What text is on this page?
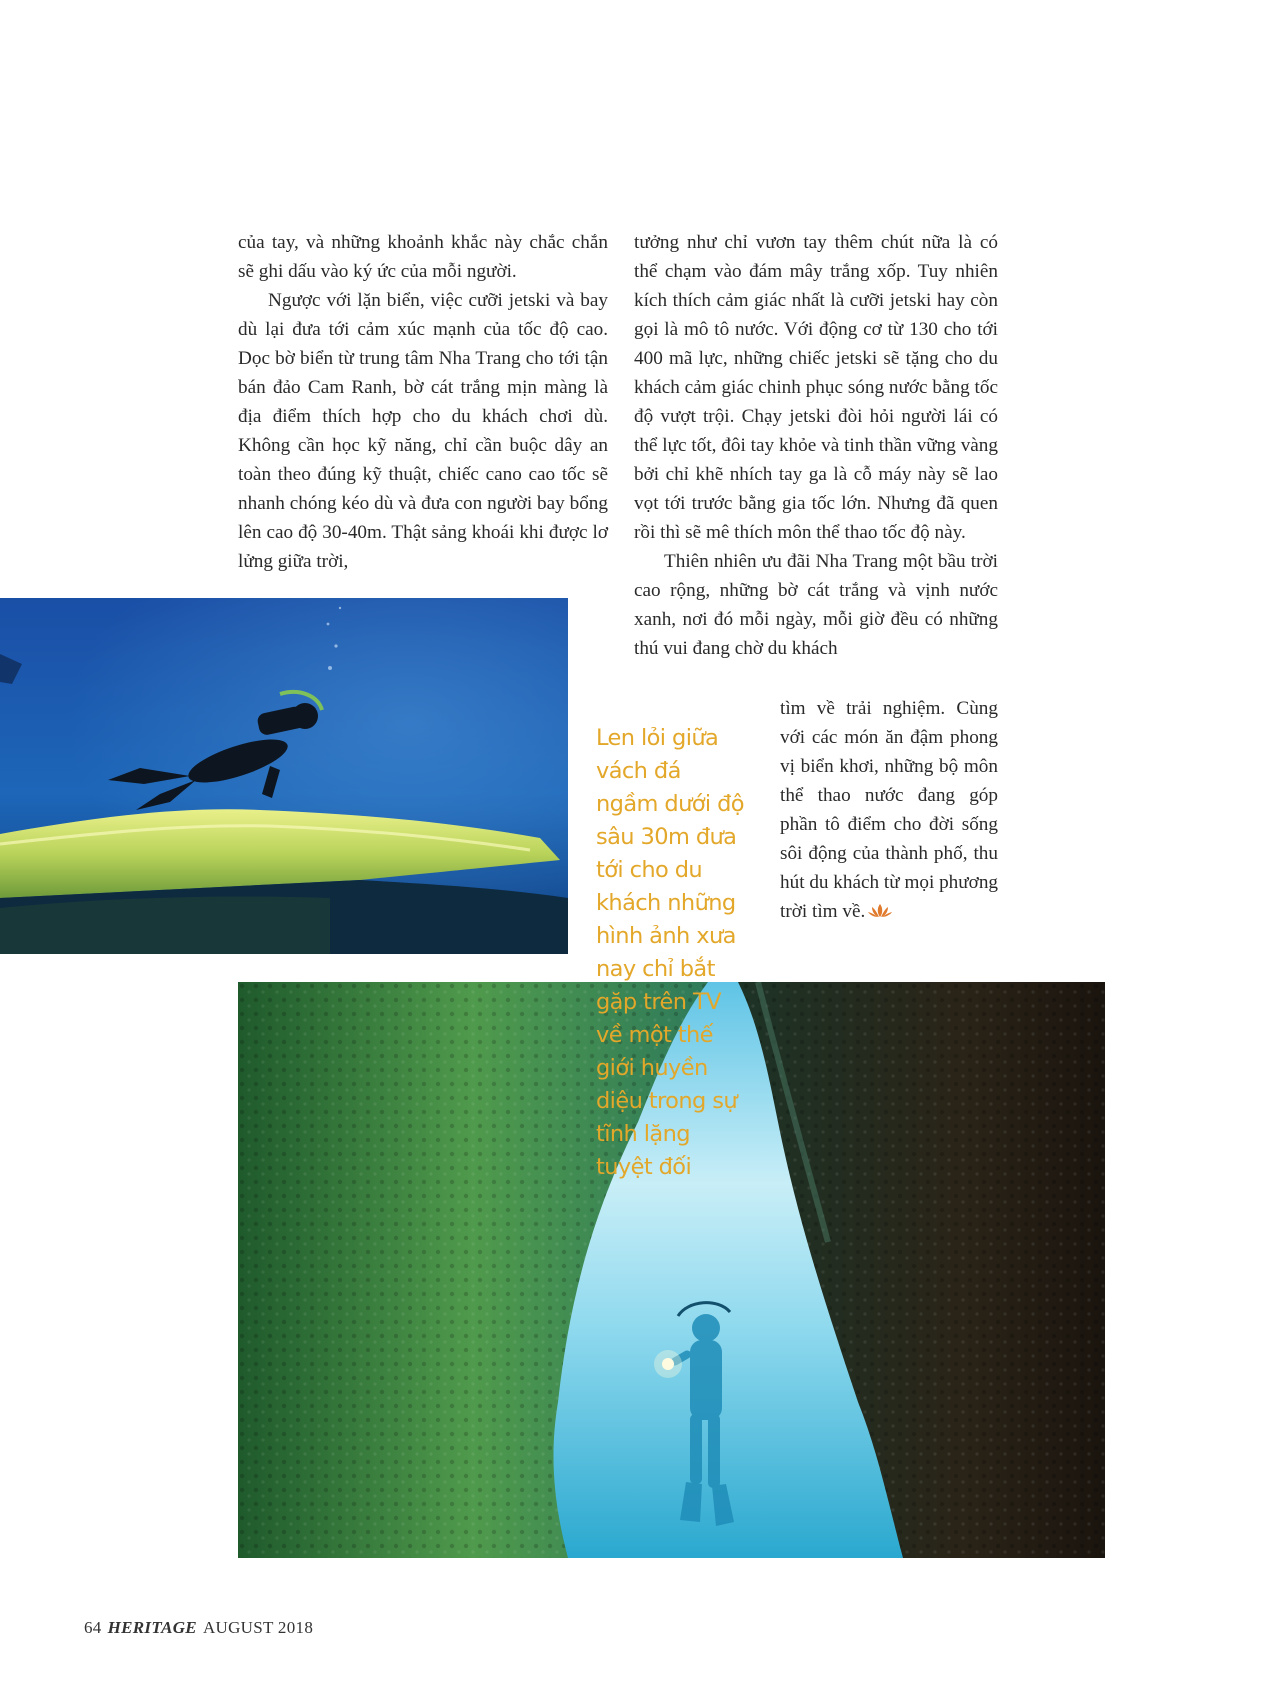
của tay, và những khoảnh khắc này chắc chắn sẽ ghi dấu vào ký ức của mỗi người.

Ngược với lặn biển, việc cưỡi jetski và bay dù lại đưa tới cảm xúc mạnh của tốc độ cao. Dọc bờ biển từ trung tâm Nha Trang cho tới tận bán đảo Cam Ranh, bờ cát trắng mịn màng là địa điểm thích hợp cho du khách chơi dù. Không cần học kỹ năng, chỉ cần buộc dây an toàn theo đúng kỹ thuật, chiếc cano cao tốc sẽ nhanh chóng kéo dù và đưa con người bay bổng lên cao độ 30-40m. Thật sảng khoái khi được lơ lửng giữa trời,

tưởng như chỉ vươn tay thêm chút nữa là có thể chạm vào đám mây trắng xốp. Tuy nhiên kích thích cảm giác nhất là cưỡi jetski hay còn gọi là mô tô nước. Với động cơ từ 130 cho tới 400 mã lực, những chiếc jetski sẽ tặng cho du khách cảm giác chinh phục sóng nước bằng tốc độ vượt trội. Chạy jetski đòi hỏi người lái có thể lực tốt, đôi tay khỏe và tinh thần vững vàng bởi chỉ khẽ nhích tay ga là cỗ máy này sẽ lao vọt tới trước bằng gia tốc lớn. Nhưng đã quen rồi thì sẽ mê thích môn thể thao tốc độ này.

Thiên nhiên ưu đãi Nha Trang một bầu trời cao rộng, những bờ cát trắng và vịnh nước xanh, nơi đó mỗi ngày, mỗi giờ đều có những thú vui đang chờ du khách

tìm về trải nghiệm. Cùng với các món ăn đậm phong vị biển khơi, những bộ môn thể thao nước đang góp phần tô điểm cho đời sống sôi động của thành phố, thu hút du khách từ mọi phương trời tìm về.

Len lỏi giữa vách đá ngầm dưới độ sâu 30m đưa tới cho du khách những hình ảnh xưa nay chỉ bắt gặp trên TV về một thế giới huyền diệu trong sự tĩnh lặng tuyệt đối
64 HERITAGE AUGUST 2018
